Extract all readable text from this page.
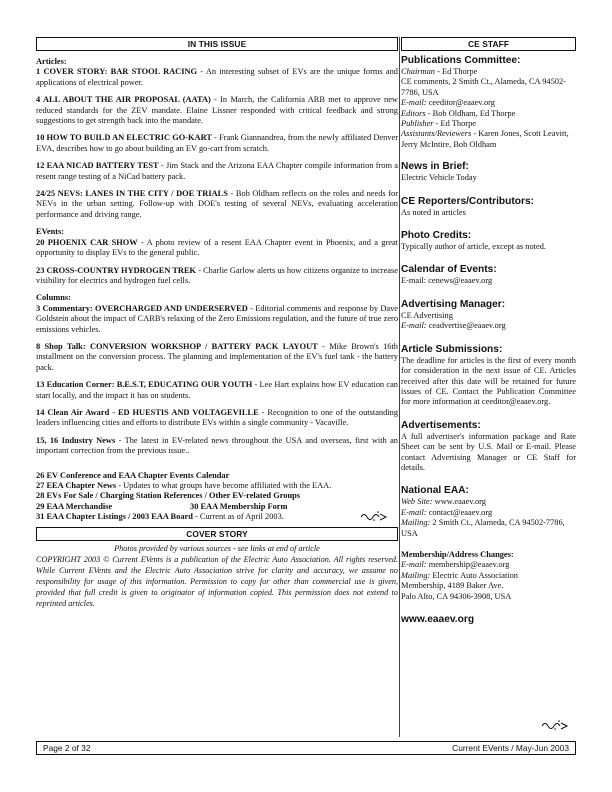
IN THIS ISSUE
Articles:
1 COVER STORY: BAR STOOL RACING - An interesting subset of EVs are the unique forms and applications of electrical power.
4 ALL ABOUT THE AIR PROPOSAL (AATA) - In March, the California ARB met to approve new reduced standards for the ZEV mandate. Elaine Lissner responded with critical feedback and strong suggestions to get strength back into the mandate.
10 HOW TO BUILD AN ELECTRIC GO-KART - Frank Giannandrea, from the newly affiliated Denver EVA, describes how to go about building an EV go-cart from scratch.
12 EAA NICAD BATTERY TEST - Jim Stack and the Arizona EAA Chapter compile information from a resent range testing of a NiCad battery pack.
24/25 NEVS: LANES IN THE CITY / DOE TRIALS - Bob Oldham reflects on the roles and needs for NEVs in the urban setting. Follow-up with DOE's testing of several NEVs, evaluating acceleration performance and driving range.
EVents:
20 PHOENIX CAR SHOW - A photo review of a resent EAA Chapter event in Phoenix, and a great opportunity to display EVs to the general public.
23 CROSS-COUNTRY HYDROGEN TREK - Charlie Garlow alerts us how citizens organize to increase visibility for electrics and hydrogen fuel cells.
Columns:
3 Commentary: OVERCHARGED AND UNDERSERVED - Editorial comments and response by Dave Goldstein about the impact of CARB's relaxing of the Zero Emissions regulation, and the future of true zero emissions vehicles.
8 Shop Talk: CONVERSION WORKSHOP / BATTERY PACK LAYOUT - Mike Brown's 16th installment on the conversion process. The planning and implementation of the EV's fuel tank - the battery pack.
13 Education Corner: B.E.S.T, EDUCATING OUR YOUTH - Lee Hart explains how EV education can start locally, and the impact it has on students.
14 Clean Air Award - ED HUESTIS AND VOLTAGEVILLE - Recognition to one of the outstanding leaders influencing cities and efforts to distribute EVs within a single community - Vacaville.
15, 16 Industry News - The latest in EV-related news throughout the USA and overseas, first with an important correction from the previous issue..
26 EV Conference and EAA Chapter Events Calendar
27 EEA Chapter News - Updates to what groups have become affiliated with the EAA.
28 EVs For Sale / Charging Station References / Other EV-related Groups
29 EAA Merchandise	30 EAA Membership Form
31 EAA Chapter Listings / 2003 EAA Board - Current as of April 2003.
COVER STORY
Photos provided by various sources - see links at end of article
COPYRIGHT 2003 © Current EVents is a publication of the Electric Auto Association. All rights reserved. While Current EVents and the Electric Auto Association strive for clarity and accuracy, we assume no responsibility for usage of this information. Permission to copy for other than commercial use is given, provided that full credit is given to originator of information copied. This permission does not extend to reprinted articles.
CE STAFF
Publications Committee:
Chairman - Ed Thorpe
CE comments, 2 Smith Ct., Alameda, CA 94502-7786, USA
E-mail: ceeditor@eaaev.org
Editors - Bob Oldham, Ed Thorpe
Publisher - Ed Thorpe
Assistants/Reviewers - Karen Jones, Scott Leavitt, Jerry McIntire, Bob Oldham
News in Brief:
Electric Vehicle Today
CE Reporters/Contributors:
As noted in articles
Photo Credits:
Typically author of article, except as noted.
Calendar of Events:
E-mail: cenews@eaaev.org
Advertising Manager:
CE Advertising
E-mail: ceadvertise@eaaev.org
Article Submissions:
The deadline for articles is the first of every month for consideration in the next issue of CE. Articles received after this date will be retained for future issues of CE. Contact the Publication Committee for more information at ceeditor@eaaev.org.
Advertisements:
A full advertiser's information package and Rate Sheet can be sent by U.S. Mail or E-mail. Please contact Advertising Manager or CE Staff for details.
National EAA:
Web Site: www.eaaev.org
E-mail: contact@eaaev.org
Mailing: 2 Smith Ct., Alameda, CA 94502-7786, USA
Membership/Address Changes:
E-mail: membership@eaaev.org
Mailing: Electric Auto Association
Membership, 4189 Baker Ave.
Palo Alto, CA 94306-3908, USA
www.eaaev.org
Page 2 of 32	Current EVents / May-Jun 2003
